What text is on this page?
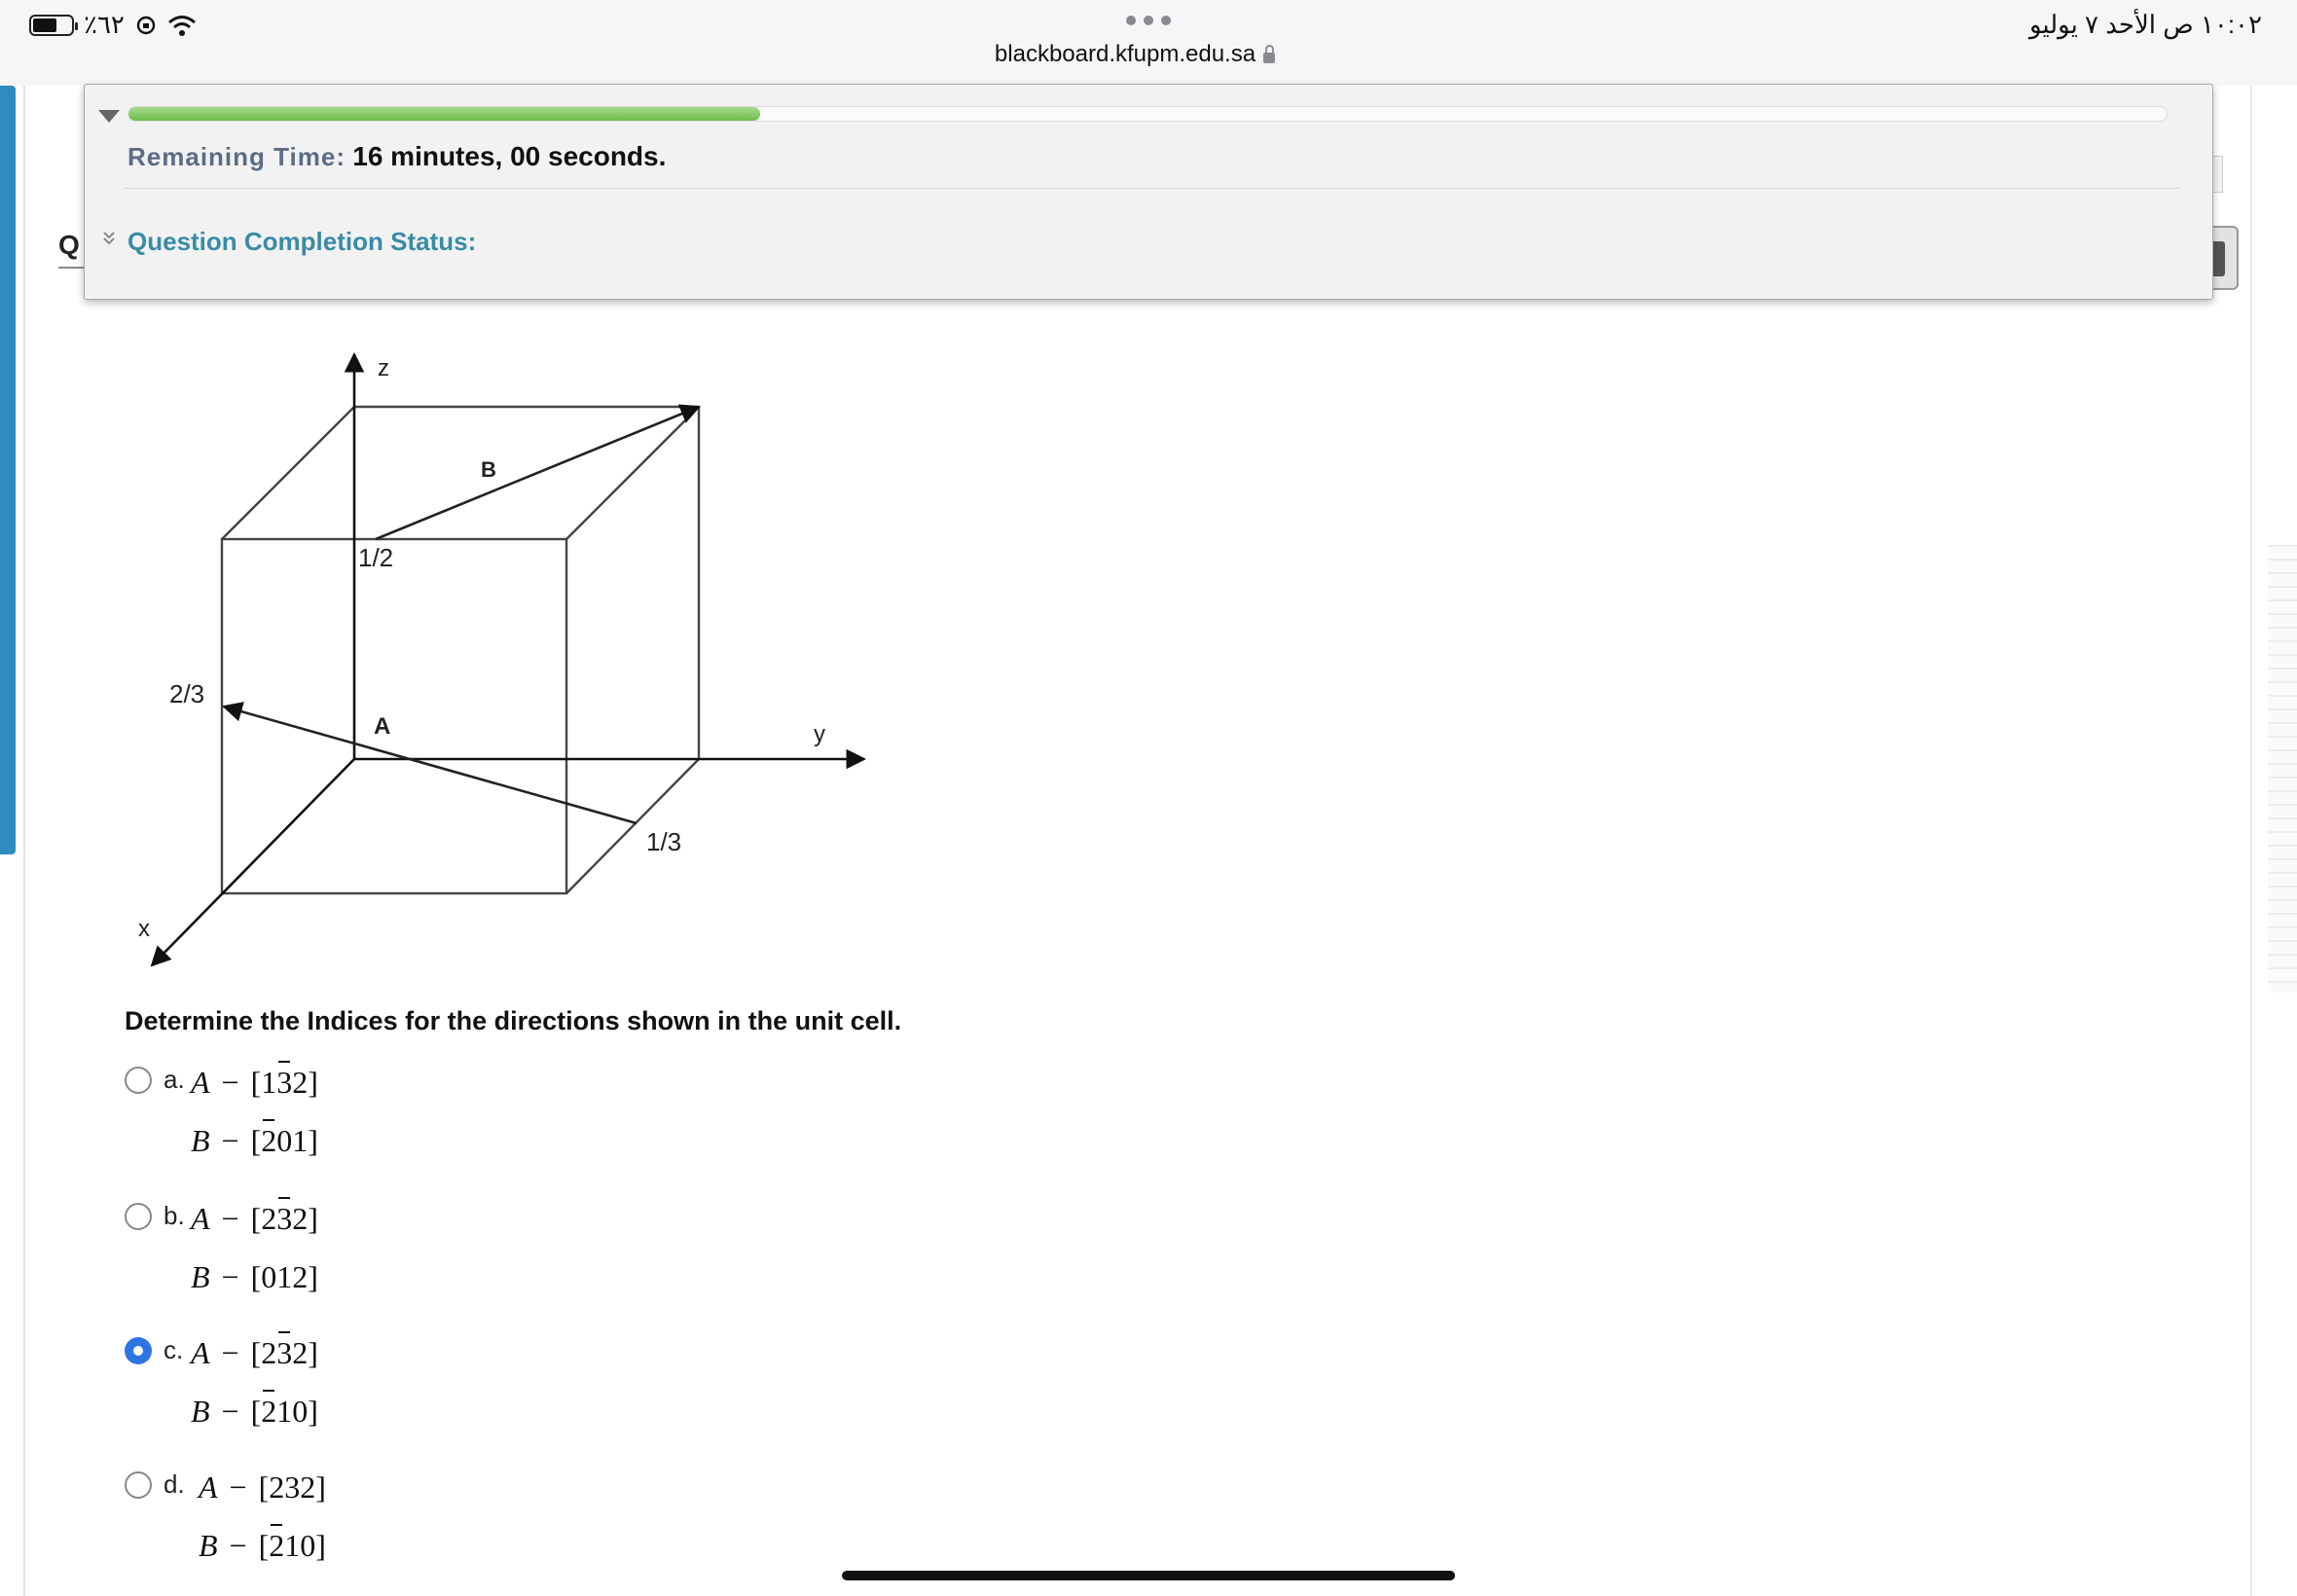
٪٦٢	١٠:٠٢ ص الأحد ٧ يوليو
blackboard.kfupm.edu.sa
Q
Remaining Time: 16 minutes, 00 seconds.
Question Completion Status:
z
y
x
B
A
1/2
2/3
1/3
Determine the Indices for the directions shown in the unit cell.
a. A − [132]
B − [201]
b. A − [232]
B − [012]
c. A − [232]
B − [210]
d. A − [232]
B − [210]
